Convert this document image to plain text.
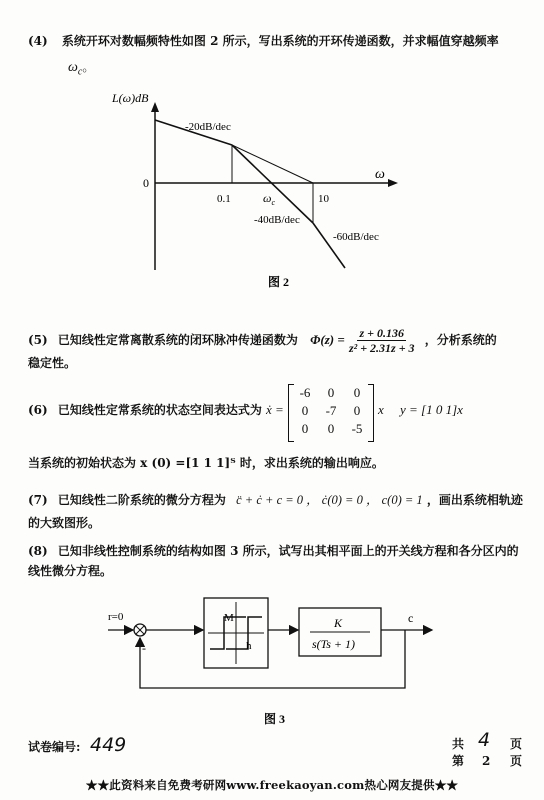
(4) 系统开环对数幅频特性如图 2 所示，写出系统的开环传递函数，并求幅值穿越频率
$\omega_c$。
L(ω)dB
0
ω
-20dB/dec
-40dB/dec
-60dB/dec
0.1	10
$\omega_c$
图 2
(5) 已知线性定常离散系统的闭环脉冲传递函数为 $\Phi(z) = \frac{z + 0.136}{\text{z² + 2.31z + 3}}$ ，分析系统的
稳定性。
(6) 已知线性定常系统的状态空间表达式为 ẋ =
-6	0	0
0	-7	0
0	0	-5
x y = [1 0 1]x
当系统的初始状态为 x (0) =[1 1 1]ᵀ 时，求出系统的输出响应。
(7) 已知线性二阶系统的微分方程为 c̈ + ċ + c = 0 ， ċ(0) = 0 ， c(0) = 1 ，画出系统相轨迹
的大致图形。
(8) 已知非线性控制系统的结构如图 3 所示，试写出其相平面上的开关线方程和各分区内的
线性微分方程。
r=0
-
M
h
K
s(Ts + 1)
c
图 3
试卷编号: 449	共 4 页
第 2 页
★★此资料来自免费考研网www.freekaoyan.com热心网友提供★★
